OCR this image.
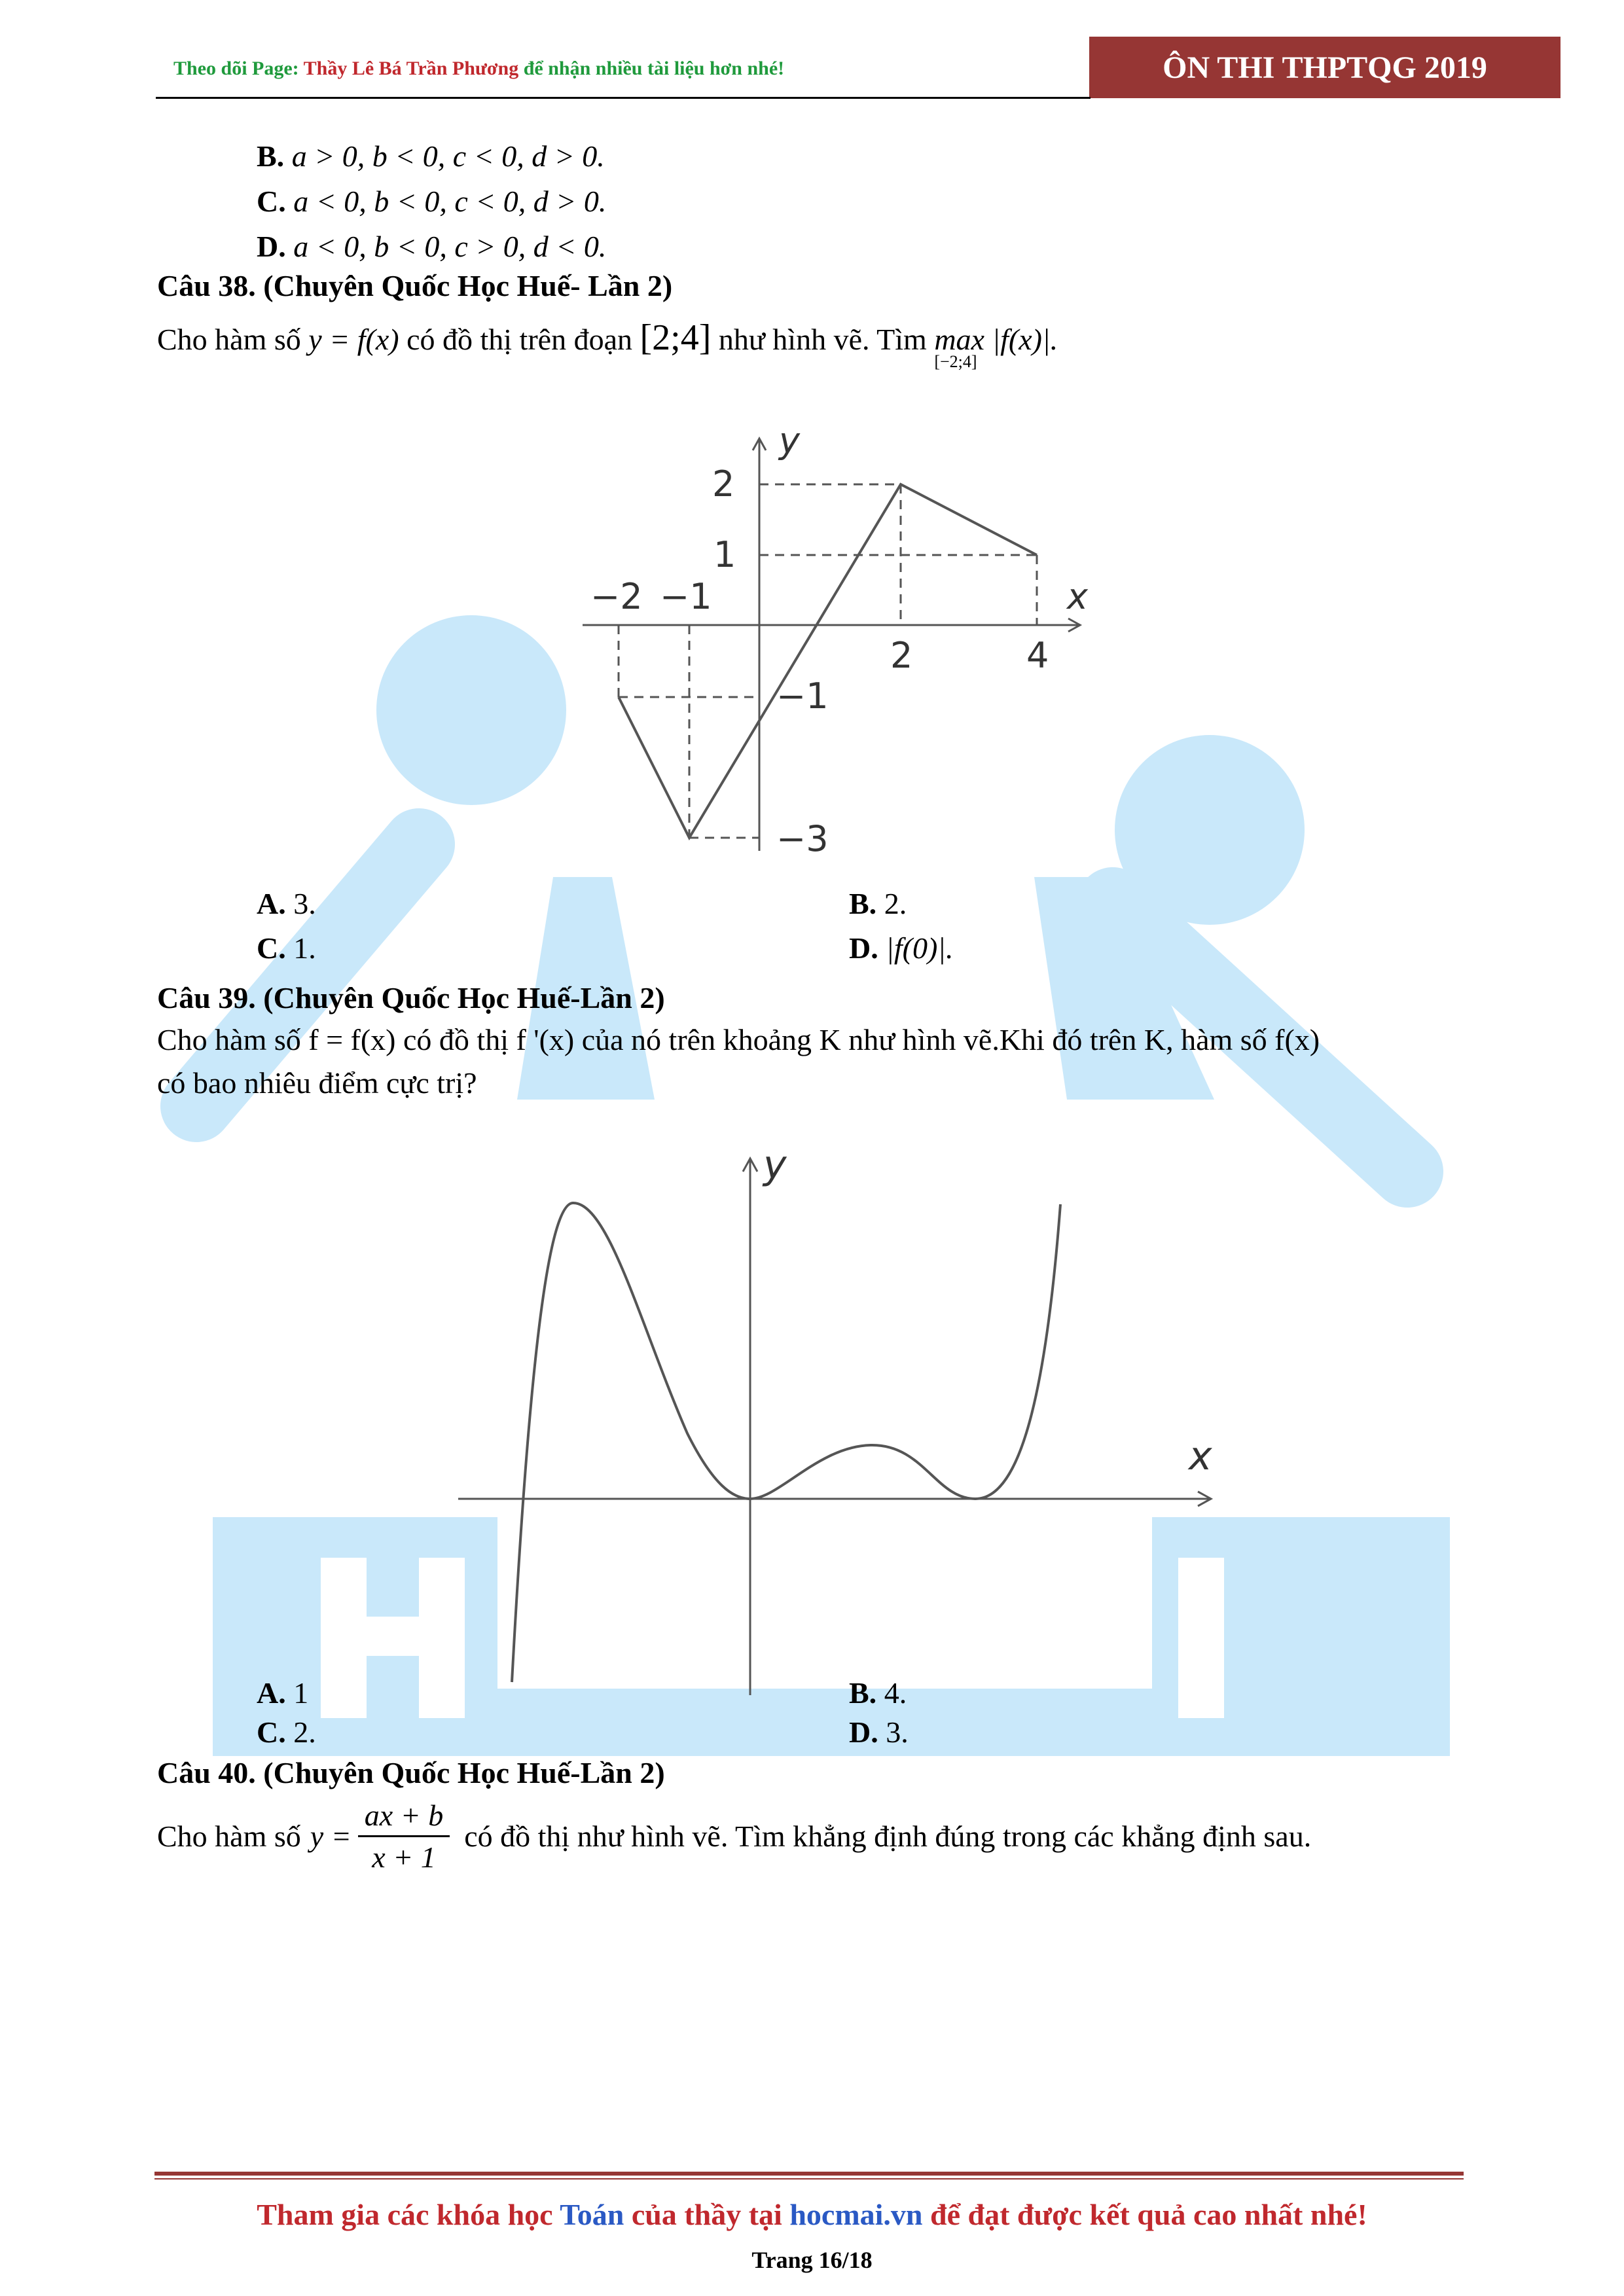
Theo dõi Page: Thầy Lê Bá Trần Phương để nhận nhiều tài liệu hơn nhé!	ÔN THI THPTQG 2019
B. a > 0, b < 0, c < 0, d > 0.
C. a < 0, b < 0, c < 0, d > 0.
D. a < 0, b < 0, c > 0, d < 0.
Câu 38. (Chuyên Quốc Học Huế- Lần 2)
Cho hàm số y = f(x) có đồ thị trên đoạn [2;4] như hình vẽ. Tìm max
[−2;4]
|f(x)|.
y
x
2
1
−2 −1
2	4
−1
−3
A. 3.	B. 2.
C. 1.	D. |f(0)|.
Câu 39. (Chuyên Quốc Học Huế-Lần 2)
Cho hàm số f = f(x) có đồ thị f '(x) của nó trên khoảng K như hình vẽ.Khi đó trên K, hàm số f(x)
có bao nhiêu điểm cực trị?
y
x
A. 1	B. 4.
C. 2.	D. 3.
Câu 40. (Chuyên Quốc Học Huế-Lần 2)
Cho hàm số y =
ax + b
x + 1
có đồ thị như hình vẽ. Tìm khẳng định đúng trong các khẳng định sau.
Tham gia các khóa học Toán của thầy tại hocmai.vn để đạt được kết quả cao nhất nhé!
Trang 16/18
